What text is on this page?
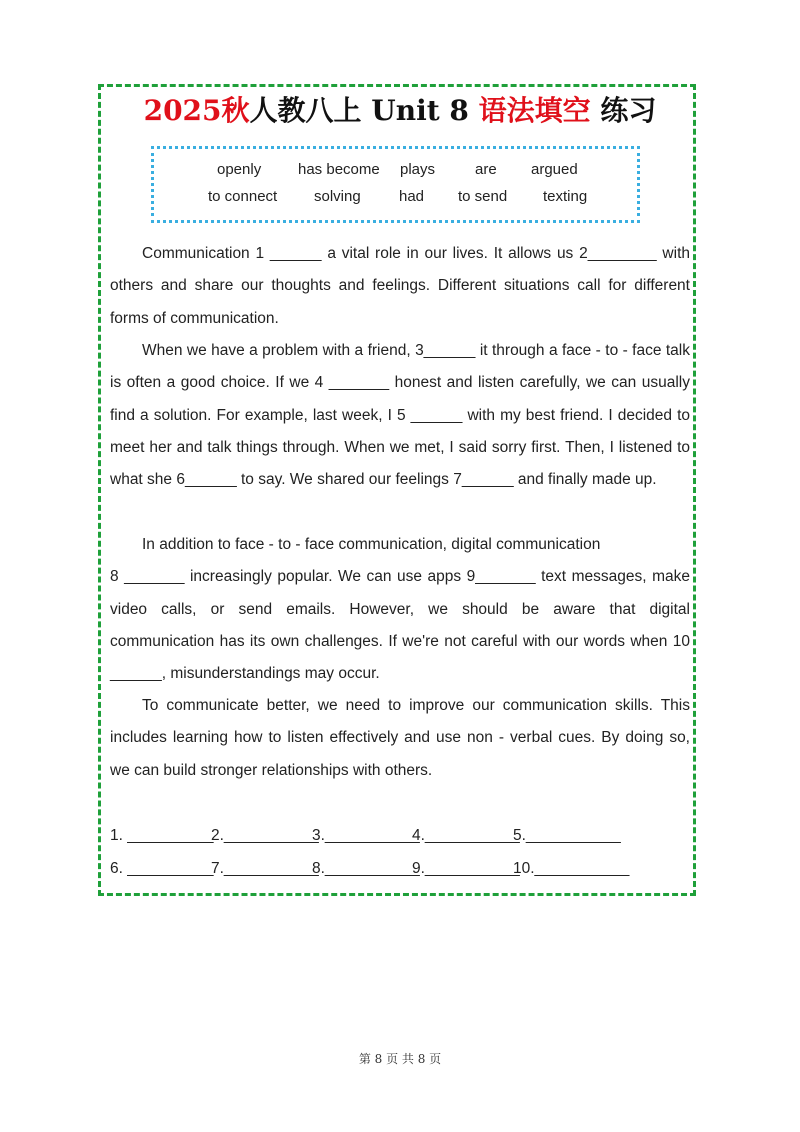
2025秋人教八上 Unit 8 语法填空 练习
openly has become plays	are argued
to connect solving	had to send texting

Communication 1 ______ a vital role in our lives. It allows us 2________ with others and share our thoughts and feelings. Different situations call for different forms of communication.

When we have a problem with a friend, 3______ it through a face - to - face talk is often a good choice. If we 4 _______ honest and listen carefully, we can usually find a solution. For example, last week, I 5 ______ with my best friend. I decided to meet her and talk things through. When we met, I said sorry first. Then, I listened to what she 6______ to say. We shared our feelings 7______ and finally made up.

In addition to face - to - face communication, digital communication
8 _______ increasingly popular. We can use apps 9_______ text messages, make video calls, or send emails. However, we should be aware that digital communication has its own challenges. If we're not careful with our words when 10 ______, misunderstandings may occur.

To communicate better, we need to improve our communication skills. This includes learning how to listen effectively and use non - verbal cues. By doing so, we can build stronger relationships with others.

1. __________
2.___________
3.___________
4.___________
5.___________
6. __________
7.___________
8.___________
9.___________
10.___________
第 8 页 共 8 页
